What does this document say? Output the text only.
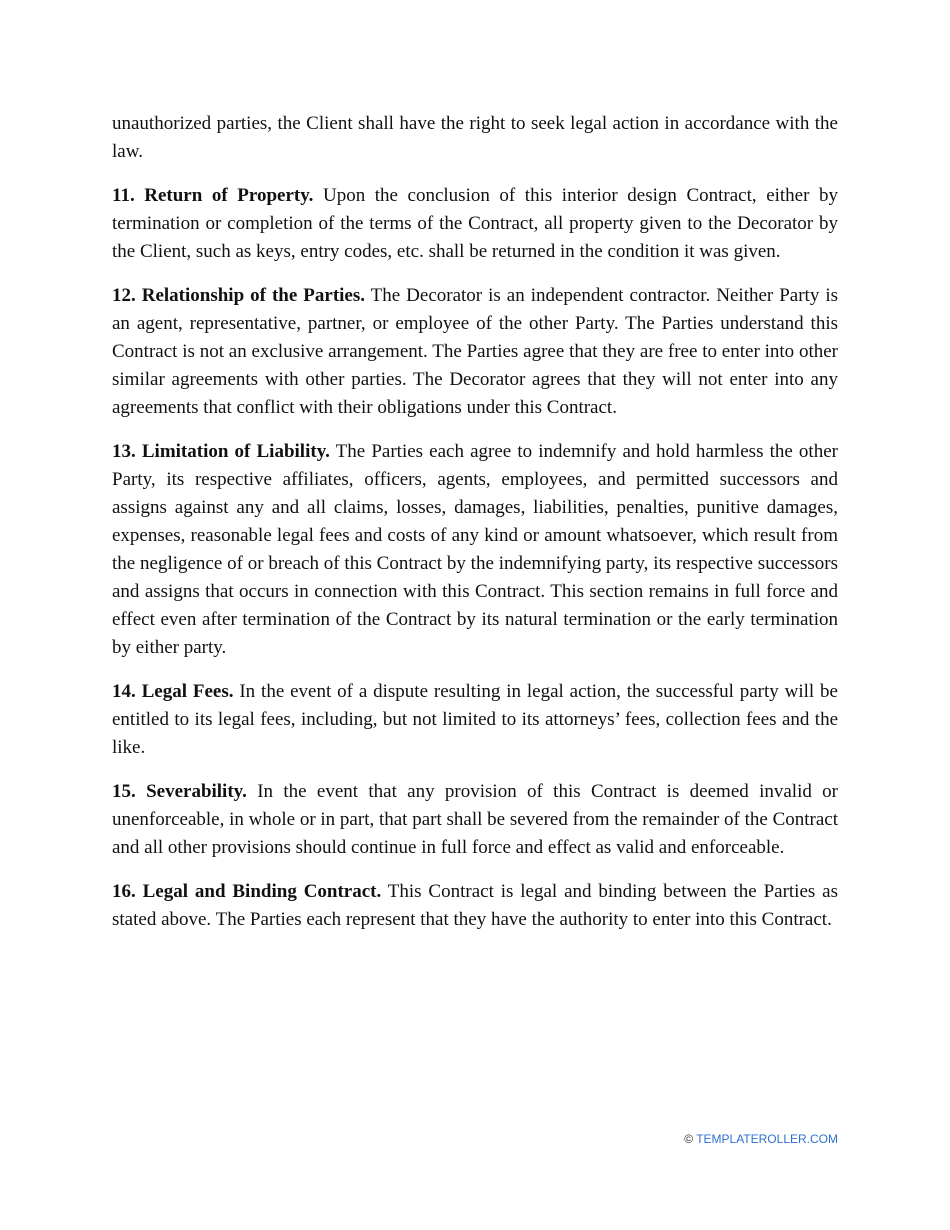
unauthorized parties, the Client shall have the right to seek legal action in accordance with the law.

11. Return of Property. Upon the conclusion of this interior design Contract, either by termination or completion of the terms of the Contract, all property given to the Decorator by the Client, such as keys, entry codes, etc. shall be returned in the condition it was given.

12. Relationship of the Parties. The Decorator is an independent contractor. Neither Party is an agent, representative, partner, or employee of the other Party. The Parties understand this Contract is not an exclusive arrangement. The Parties agree that they are free to enter into other similar agreements with other parties. The Decorator agrees that they will not enter into any agreements that conflict with their obligations under this Contract.

13. Limitation of Liability. The Parties each agree to indemnify and hold harmless the other Party, its respective affiliates, officers, agents, employees, and permitted successors and assigns against any and all claims, losses, damages, liabilities, penalties, punitive damages, expenses, reasonable legal fees and costs of any kind or amount whatsoever, which result from the negligence of or breach of this Contract by the indemnifying party, its respective successors and assigns that occurs in connection with this Contract. This section remains in full force and effect even after termination of the Contract by its natural termination or the early termination by either party.

14. Legal Fees. In the event of a dispute resulting in legal action, the successful party will be entitled to its legal fees, including, but not limited to its attorneys’ fees, collection fees and the like.

15. Severability. In the event that any provision of this Contract is deemed invalid or unenforceable, in whole or in part, that part shall be severed from the remainder of the Contract and all other provisions should continue in full force and effect as valid and enforceable.

16. Legal and Binding Contract. This Contract is legal and binding between the Parties as stated above. The Parties each represent that they have the authority to enter into this Contract.

© TEMPLATEROLLER.COM
